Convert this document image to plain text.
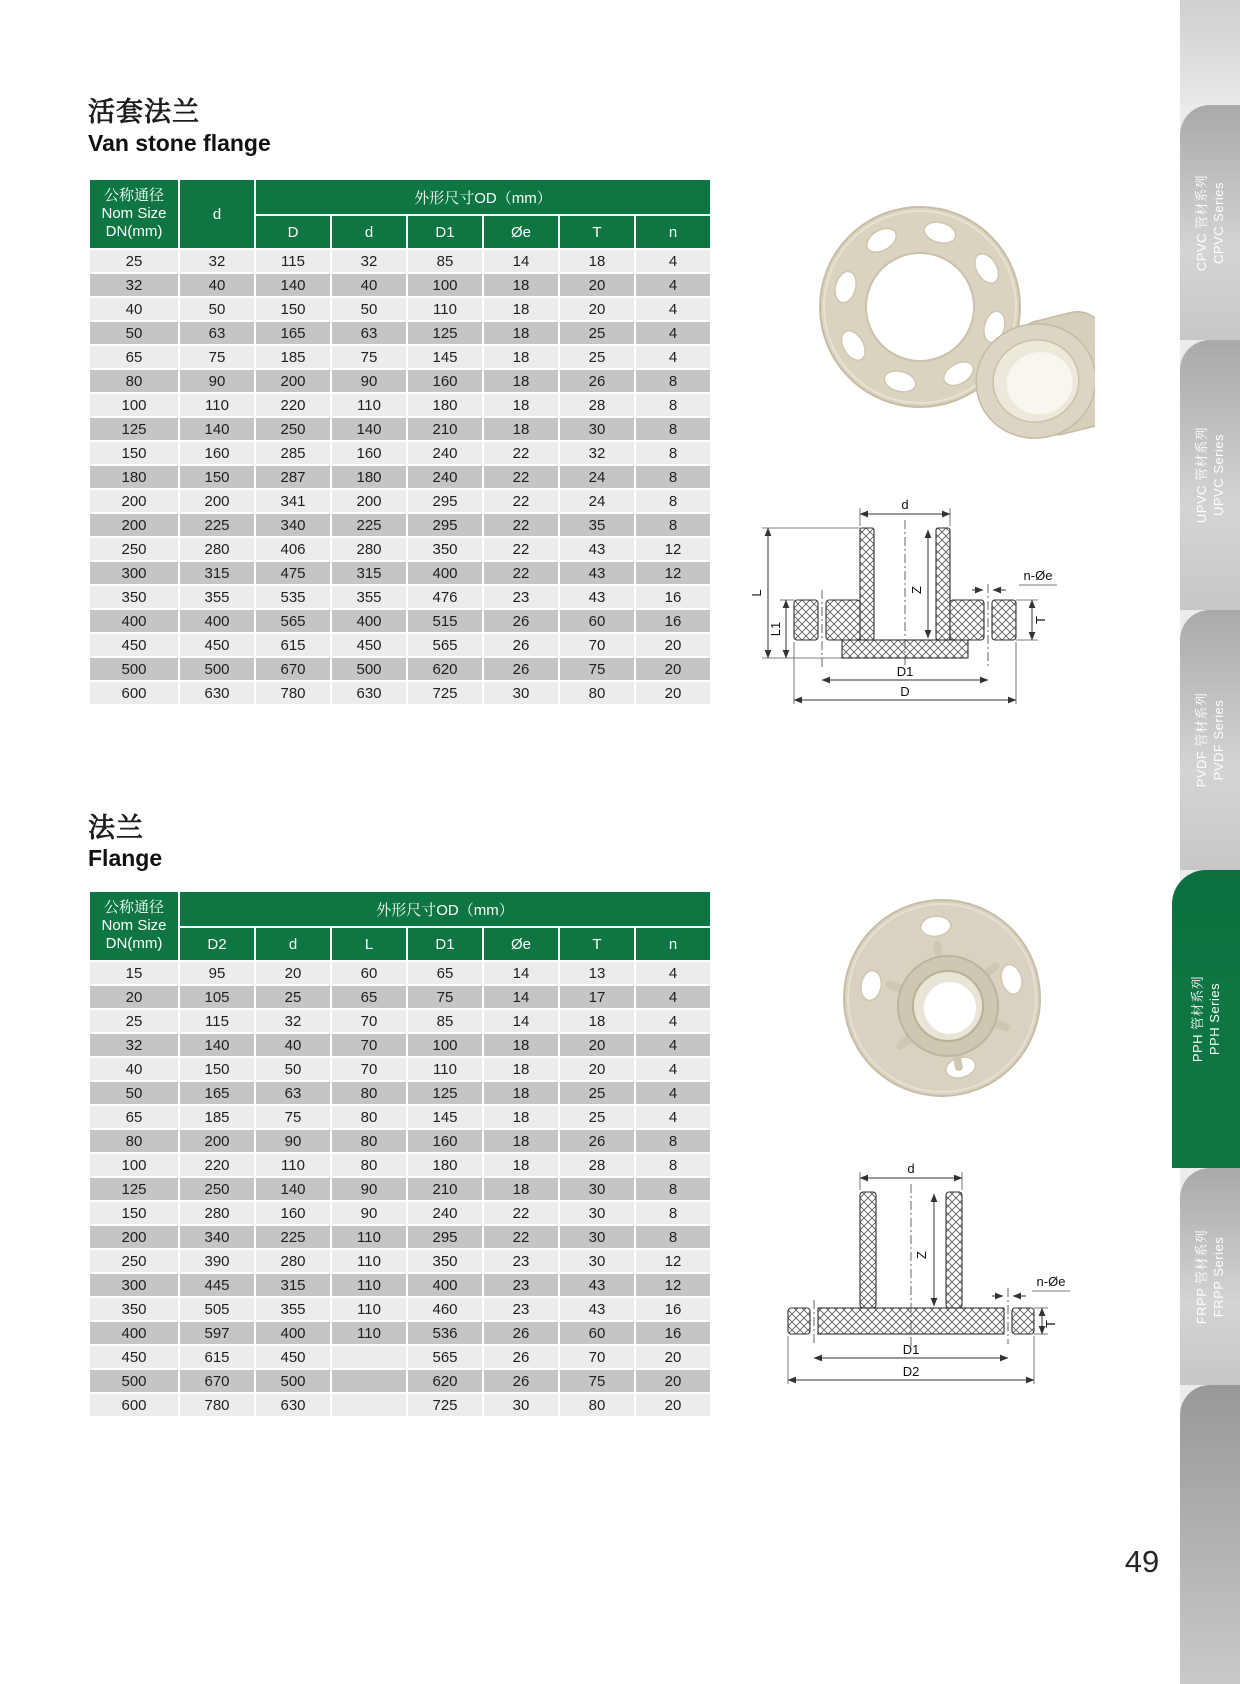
活套法兰
Van stone flange
公称通径
Nom Size
DN(mm)	d	外形尺寸OD（mm）					
		D	d	D1	Øe	T	n
25	32	115	32	85	14	18	4
32	40	140	40	100	18	20	4
40	50	150	50	110	18	20	4
50	63	165	63	125	18	25	4
65	75	185	75	145	18	25	4
80	90	200	90	160	18	26	8
100	110	220	110	180	18	28	8
125	140	250	140	210	18	30	8
150	160	285	160	240	22	32	8
180	150	287	180	240	22	24	8
200	200	341	200	295	22	24	8
200	225	340	225	295	22	35	8
250	280	406	280	350	22	43	12
300	315	475	315	400	22	43	12
350	355	535	355	476	23	43	16
400	400	565	400	515	26	60	16
450	450	615	450	565	26	70	20
500	500	670	500	620	26	75	20
600	630	780	630	725	30	80	20
d
Z
L
L1
D1
D
n-Øe
T
法兰
Flange
公称通径
Nom Size
DN(mm)	外形尺寸OD（mm）						
	D2	d	L	D1	Øe	T	n
15	95	20	60	65	14	13	4
20	105	25	65	75	14	17	4
25	115	32	70	85	14	18	4
32	140	40	70	100	18	20	4
40	150	50	70	110	18	20	4
50	165	63	80	125	18	25	4
65	185	75	80	145	18	25	4
80	200	90	80	160	18	26	8
100	220	110	80	180	18	28	8
125	250	140	90	210	18	30	8
150	280	160	90	240	22	30	8
200	340	225	110	295	22	30	8
250	390	280	110	350	23	30	12
300	445	315	110	400	23	43	12
350	505	355	110	460	23	43	16
400	597	400	110	536	26	60	16
450	615	450		565	26	70	20
500	670	500		620	26	75	20
600	780	630		725	30	80	20
d
Z
n-Øe
T
D1
D2
CPVC 管材系列 CPVC Series
UPVC 管材系列 UPVC Series
PVDF 管材系列 PVDF Series
PPH 管材系列 PPH Series
FRPP 管材系列 FRPP Series
49
